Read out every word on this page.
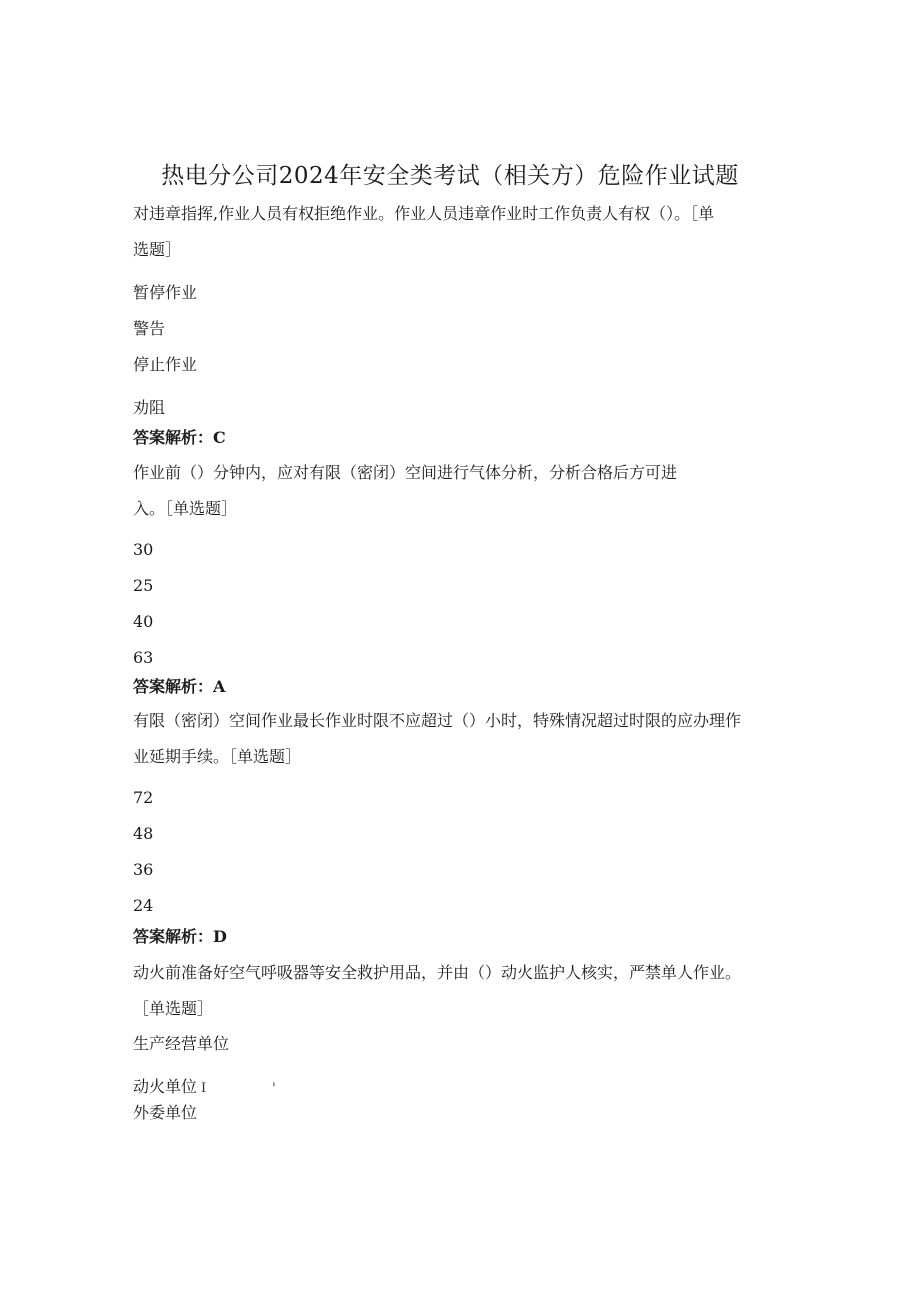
热电分公司2024年安全类考试（相关方）危险作业试题

对违章指挥,作业人员有权拒绝作业。作业人员违章作业时工作负责人有权（）。［单

选题］

暂停作业

警告

停止作业

劝阻

答案解析：C

作业前（）分钟内，应对有限（密闭）空间进行气体分析，分析合格后方可进

入。［单选题］

30

25

40

63

答案解析：A

有限（密闭）空间作业最长作业时限不应超过（）小时，特殊情况超过时限的应办理作

业延期手续。［单选题］

72

48

36

24

答案解析：D

动火前准备好空气呼吸器等安全救护用品，并由（）动火监护人核实，严禁单人作业。

［单选题］

生产经营单位

动火单位 I	'

外委单位
